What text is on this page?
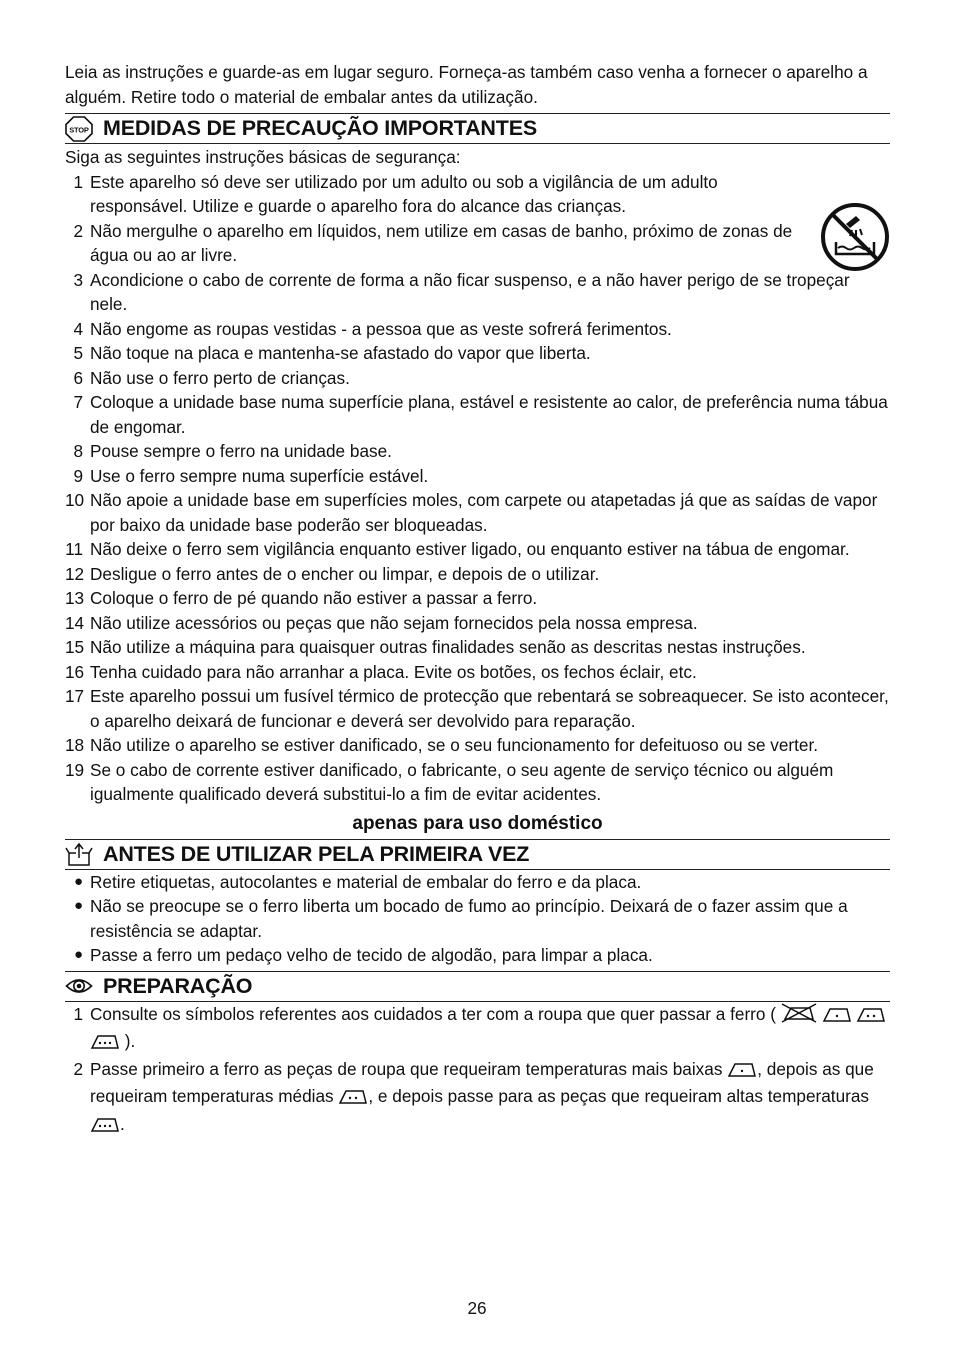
Leia as instruções e guarde-as em lugar seguro. Forneça-as também caso venha a fornecer o aparelho a alguém. Retire todo o material de embalar antes da utilização.

STOP MEDIDAS DE PRECAUÇÃO IMPORTANTES

Siga as seguintes instruções básicas de segurança:

1 Este aparelho só deve ser utilizado por um adulto ou sob a vigilância de um adulto responsável. Utilize e guarde o aparelho fora do alcance das crianças.
2 Não mergulhe o aparelho em líquidos, nem utilize em casas de banho, próximo de zonas de água ou ao ar livre.
3 Acondicione o cabo de corrente de forma a não ficar suspenso, e a não haver perigo de se tropeçar nele.
4 Não engome as roupas vestidas - a pessoa que as veste sofrerá ferimentos.
5 Não toque na placa e mantenha-se afastado do vapor que liberta.
6 Não use o ferro perto de crianças.
7 Coloque a unidade base numa superfície plana, estável e resistente ao calor, de preferência numa tábua de engomar.
8 Pouse sempre o ferro na unidade base.
9 Use o ferro sempre numa superfície estável.
10 Não apoie a unidade base em superfícies moles, com carpete ou atapetadas já que as saídas de vapor por baixo da unidade base poderão ser bloqueadas.
11 Não deixe o ferro sem vigilância enquanto estiver ligado, ou enquanto estiver na tábua de engomar.
12 Desligue o ferro antes de o encher ou limpar, e depois de o utilizar.
13 Coloque o ferro de pé quando não estiver a passar a ferro.
14 Não utilize acessórios ou peças que não sejam fornecidos pela nossa empresa.
15 Não utilize a máquina para quaisquer outras finalidades senão as descritas nestas instruções.
16 Tenha cuidado para não arranhar a placa. Evite os botões, os fechos éclair, etc.
17 Este aparelho possui um fusível térmico de protecção que rebentará se sobreaquecer. Se isto acontecer, o aparelho deixará de funcionar e deverá ser devolvido para reparação.
18 Não utilize o aparelho se estiver danificado, se o seu funcionamento for defeituoso ou se verter.
19 Se o cabo de corrente estiver danificado, o fabricante, o seu agente de serviço técnico ou alguém igualmente qualificado deverá substitui-lo a fim de evitar acidentes.
apenas para uso doméstico
ANTES DE UTILIZAR PELA PRIMEIRA VEZ
● Retire etiquetas, autocolantes e material de embalar do ferro e da placa.
● Não se preocupe se o ferro liberta um bocado de fumo ao princípio. Deixará de o fazer assim que a resistência se adaptar.
● Passe a ferro um pedaço velho de tecido de algodão, para limpar a placa.
PREPARAÇÃO
1 Consulte os símbolos referentes aos cuidados a ter com a roupa que quer passar a ferro (     ).
2 Passe primeiro a ferro as peças de roupa que requeiram temperaturas mais baixas , depois as que requeiram temperaturas médias , e depois passe para as peças que requeiram altas temperaturas .
26
